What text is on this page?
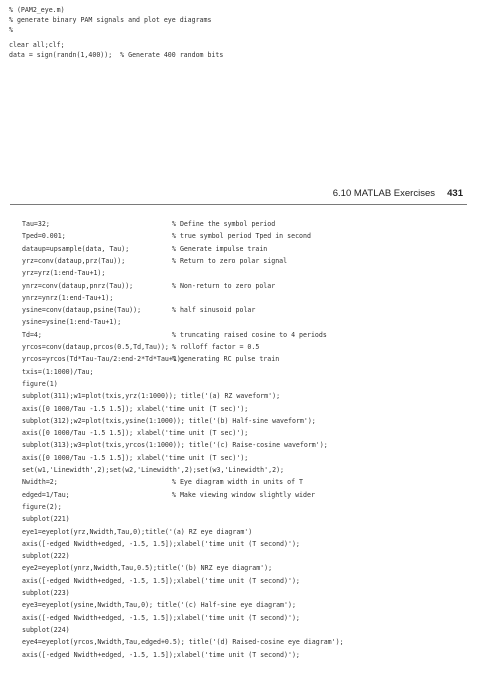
% (PAM2_eye.m)
% generate binary PAM signals and plot eye diagrams
%
clear all;clf;
data = sign(randn(1,400));  % Generate 400 random bits
6.10 MATLAB Exercises 431
Tau=32;	% Define the symbol period
Tped=0.001;	% true symbol period Tped in second
dataup=upsample(data, Tau);	% Generate impulse train
yrz=conv(dataup,prz(Tau));	% Return to zero polar signal
yrz=yrz(1:end-Tau+1);
ynrz=conv(dataup,pnrz(Tau));	% Non-return to zero polar
ynrz=ynrz(1:end-Tau+1);
ysine=conv(dataup,psine(Tau));	% half sinusoid polar
ysine=ysine(1:end-Tau+1);
Td=4;	% truncating raised cosine to 4 periods
yrcos=conv(dataup,prcos(0.5,Td,Tau)); % rolloff factor = 0.5
yrcos=yrcos(Td*Tau-Tau/2:end-2*Td*Tau+1);
% generating RC pulse train
txis=(1:1000)/Tau;
figure(1)
subplot(311);w1=plot(txis,yrz(1:1000)); title('(a) RZ waveform');
axis([0 1000/Tau -1.5 1.5]); xlabel('time unit (T sec)');
subplot(312);w2=plot(txis,ysine(1:1000)); title('(b) Half-sine waveform');
axis([0 1000/Tau -1.5 1.5]); xlabel('time unit (T sec)');
subplot(313);w3=plot(txis,yrcos(1:1000)); title('(c) Raise-cosine waveform');
axis([0 1000/Tau -1.5 1.5]); xlabel('time unit (T sec)');
set(w1,'Linewidth',2);set(w2,'Linewidth',2);set(w3,'Linewidth',2);
Nwidth=2;	% Eye diagram width in units of T
edged=1/Tau;	% Make viewing window slightly wider
figure(2);
subplot(221)
eye1=eyeplot(yrz,Nwidth,Tau,0);title('(a) RZ eye diagram')
axis([-edged Nwidth+edged, -1.5, 1.5]);xlabel('time unit (T second)');
subplot(222)
eye2=eyeplot(ynrz,Nwidth,Tau,0.5);title('(b) NRZ eye diagram');
axis([-edged Nwidth+edged, -1.5, 1.5]);xlabel('time unit (T second)');
subplot(223)
eye3=eyeplot(ysine,Nwidth,Tau,0); title('(c) Half-sine eye diagram');
axis([-edged Nwidth+edged, -1.5, 1.5]);xlabel('time unit (T second)');
subplot(224)
eye4=eyeplot(yrcos,Nwidth,Tau,edged+0.5); title('(d) Raised-cosine eye diagram');
axis([-edged Nwidth+edged, -1.5, 1.5]);xlabel('time unit (T second)');
